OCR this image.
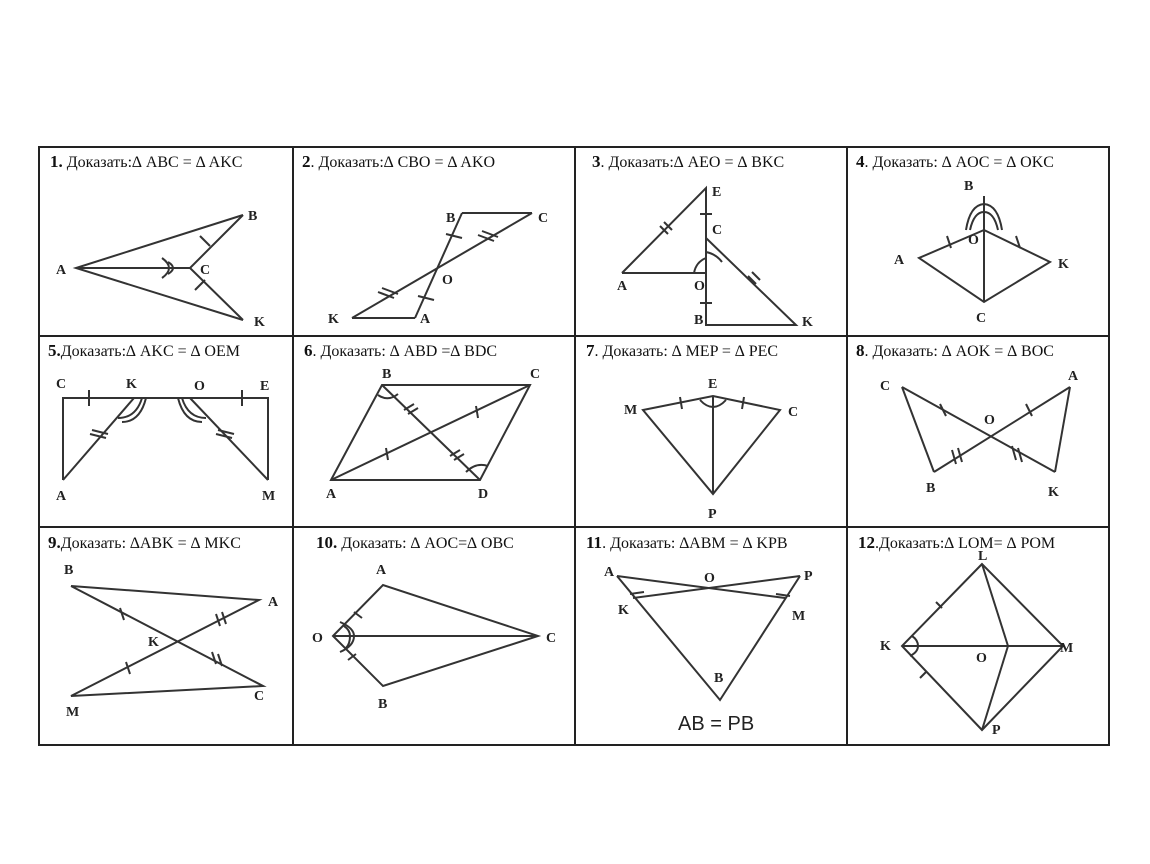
1. Доказать:∆ ABC = ∆ AKC	2. Доказать:∆ CBO = ∆ AKO	3. Доказать:∆ AEO = ∆ BKC	4. Доказать: ∆ AOC = ∆ OKC
5.Доказать:∆ AKC = ∆ OEM	6. Доказать: ∆ ABD =∆ BDC	7. Доказать: ∆ MEP = ∆ PEC	8. Доказать: ∆ AOK = ∆ BOC
9.Доказать: ∆ABK = ∆ MKC	10. Доказать: ∆ AOC=∆ OBC	11. Доказать: ∆ABM = ∆ KPB	12.Доказать:∆ LOM= ∆ POM
A
B
C
K	K	A
B	C
O
E
C
A	O
B	K
B
O
A	K
C
C	K	O	E
A	M
B	C
A	D
E
M	C
P
C
A
O
B	K
B
A
K
M
C
A
O	C
B
A	O	P
K	M
B
AB = PB
L
K
O
M
P
